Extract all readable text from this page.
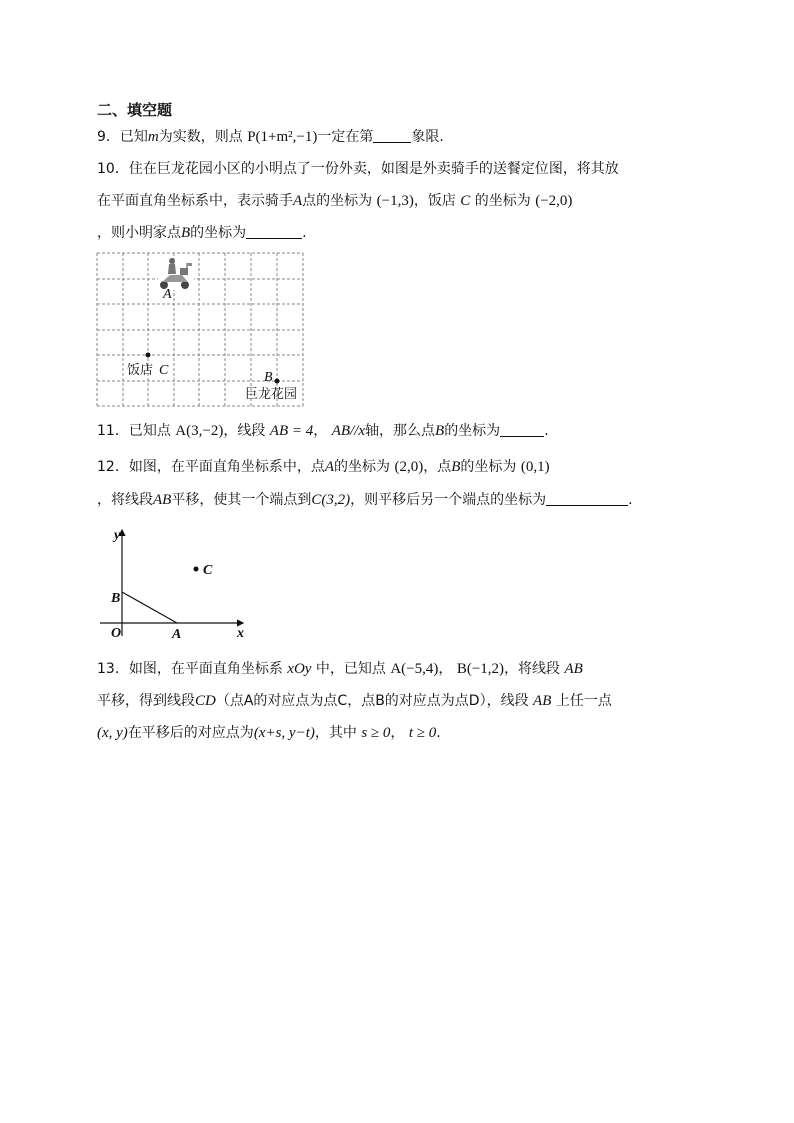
二、填空题
9．已知m为实数，则点 P(1+m²,−1)一定在第	象限.
10．住在巨龙花园小区的小明点了一份外卖，如图是外卖骑手的送餐定位图，将其放
在平面直角坐标系中，表示骑手A点的坐标为 (−1,3)，饭店 C 的坐标为 (−2,0)
，则小明家点B的坐标为	.
A
饭店 C	B
巨龙花园
11．已知点 A(3,−2)，线段 AB = 4， AB//x轴，那么点B的坐标为	.
12．如图，在平面直角坐标系中，点A的坐标为 (2,0)，点B的坐标为 (0,1)
，将线段AB平移，使其一个端点到C(3,2)，则平移后另一个端点的坐标为	.
y
x
O	A
B
C
13．如图，在平面直角坐标系 xOy 中，已知点 A(−5,4)， B(−1,2)，将线段 AB
平移，得到线段CD（点A的对应点为点C，点B的对应点为点D），线段 AB 上任一点
(x, y)在平移后的对应点为(x+s, y−t)，其中 s ≥ 0， t ≥ 0.
